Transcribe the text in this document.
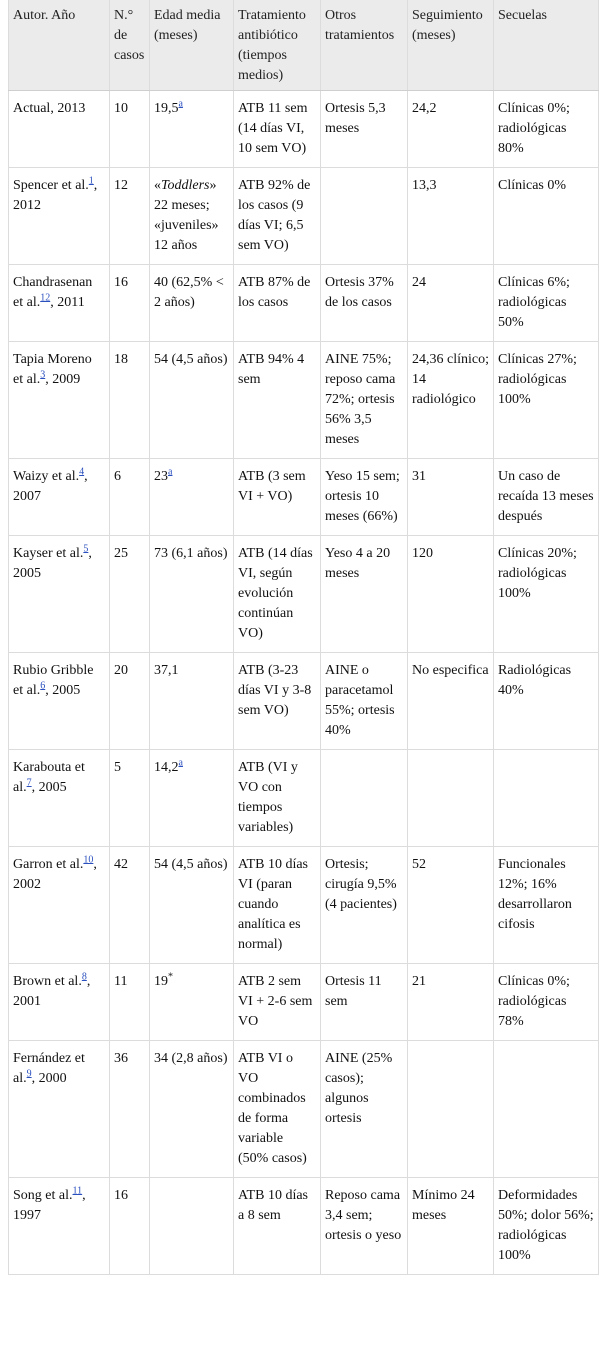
Autor. Año	N.° de casos	Edad media (meses)	Tratamiento antibiótico (tiempos medios)	Otros tratamientos	Seguimiento (meses)	Secuelas
Actual, 2013	10	19,5$^a$	ATB 11 sem (14 días VI, 10 sem VO)	Ortesis 5,3 meses	24,2	Clínicas 0%; radiológicas 80%
Spencer et al.$^1$, 2012	12	«Toddlers» 22 meses; «juveniles» 12 años	ATB 92% de los casos (9 días VI; 6,5 sem VO)		13,3	Clínicas 0%
Chandrasenan et al.$^{12}$, 2011	16	40 (62,5% < 2 años)	ATB 87% de los casos	Ortesis 37% de los casos	24	Clínicas 6%; radiológicas 50%
Tapia Moreno et al.$^3$, 2009	18	54 (4,5 años)	ATB 94% 4 sem	AINE 75%; reposo cama 72%; ortesis 56% 3,5 meses	24,36 clínico; 14 radiológico	Clínicas 27%; radiológicas 100%
Waizy et al.$^4$, 2007	6	23$^a$	ATB (3 sem VI + VO)	Yeso 15 sem; ortesis 10 meses (66%)	31	Un caso de recaída 13 meses después
Kayser et al.$^5$, 2005	25	73 (6,1 años)	ATB (14 días VI, según evolución continúan VO)	Yeso 4 a 20 meses	120	Clínicas 20%; radiológicas 100%
Rubio Gribble et al.$^6$, 2005	20	37,1	ATB (3-23 días VI y 3-8 sem VO)	AINE o paracetamol 55%; ortesis 40%	No especifica	Radiológicas 40%
Karabouta et al.$^7$, 2005	5	14,2$^a$	ATB (VI y VO con tiempos variables)			
Garron et al.$^{10}$, 2002	42	54 (4,5 años)	ATB 10 días VI (paran cuando analítica es normal)	Ortesis; cirugía 9,5% (4 pacientes)	52	Funcionales 12%; 16% desarrollaron cifosis
Brown et al.$^8$, 2001	11	19*	ATB 2 sem VI + 2-6 sem VO	Ortesis 11 sem	21	Clínicas 0%; radiológicas 78%
Fernández et al.$^9$, 2000	36	34 (2,8 años)	ATB VI o VO combinados de forma variable (50% casos)	AINE (25% casos); algunos ortesis		
Song et al.$^{11}$, 1997	16		ATB 10 días a 8 sem	Reposo cama 3,4 sem; ortesis o yeso	Mínimo 24 meses	Deformidades 50%; dolor 56%; radiológicas 100%
